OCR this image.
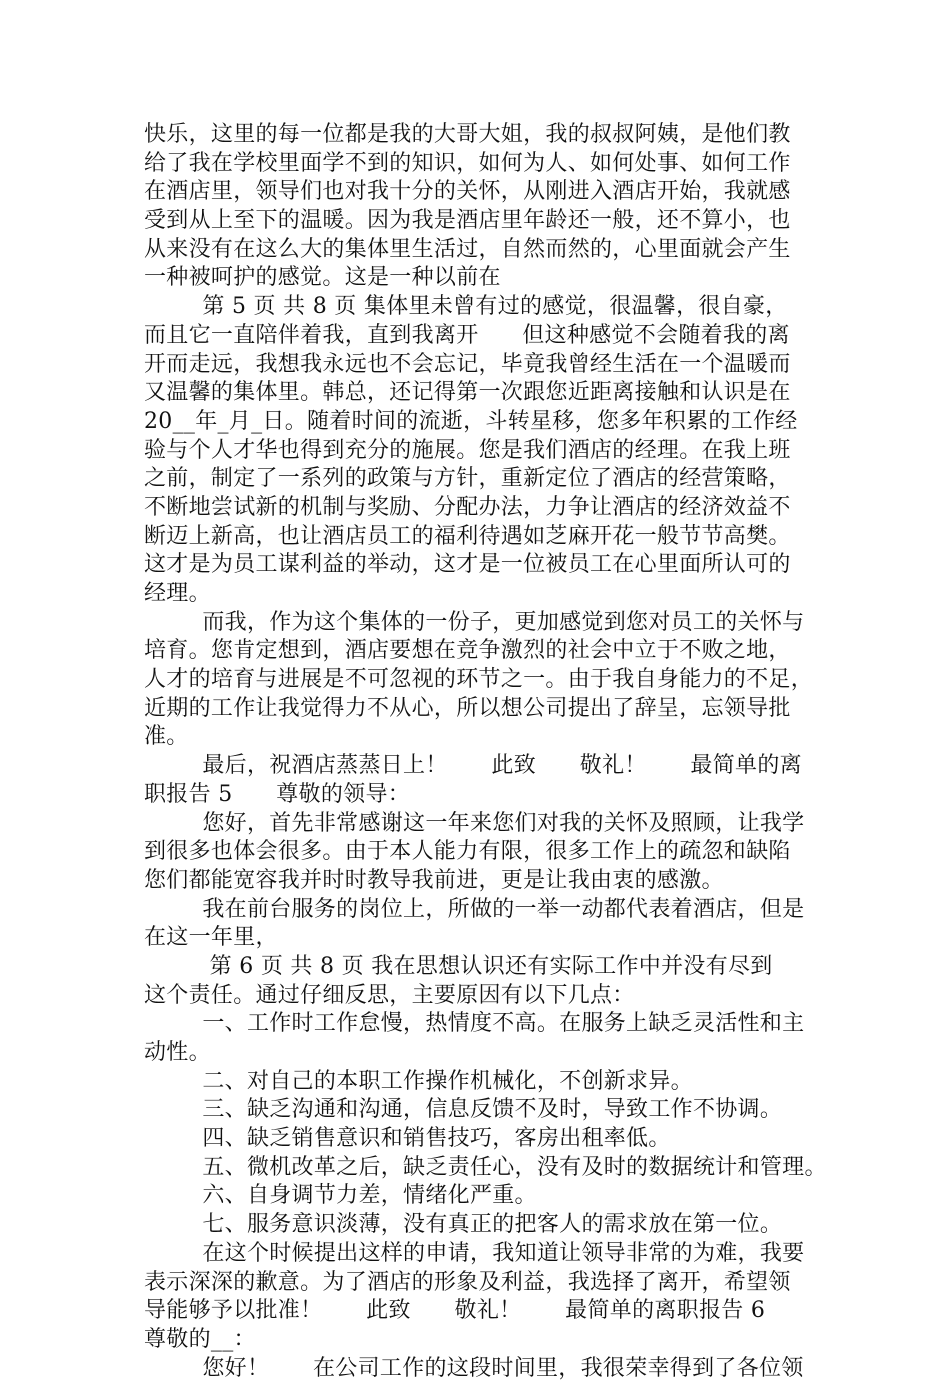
快乐，这里的每一位都是我的大哥大姐，我的叔叔阿姨，是他们教
给了我在学校里面学不到的知识，如何为人、如何处事、如何工作
在酒店里，领导们也对我十分的关怀，从刚进入酒店开始，我就感
受到从上至下的温暖。因为我是酒店里年龄还一般，还不算小，也
从来没有在这么大的集体里生活过，自然而然的，心里面就会产生
一种被呵护的感觉。这是一种以前在
第 5 页 共 8 页 集体里未曾有过的感觉，很温馨，很自豪，
而且它一直陪伴着我，直到我离开      但这种感觉不会随着我的离
开而走远，我想我永远也不会忘记，毕竟我曾经生活在一个温暖而
又温馨的集体里。韩总，还记得第一次跟您近距离接触和认识是在
20__年_月_日。随着时间的流逝，斗转星移，您多年积累的工作经
验与个人才华也得到充分的施展。您是我们酒店的经理。在我上班
之前，制定了一系列的政策与方针，重新定位了酒店的经营策略，
不断地尝试新的机制与奖励、分配办法，力争让酒店的经济效益不
断迈上新高，也让酒店员工的福利待遇如芝麻开花一般节节高樊。
这才是为员工谋利益的举动，这才是一位被员工在心里面所认可的
经理。
而我，作为这个集体的一份子，更加感觉到您对员工的关怀与
培育。您肯定想到，酒店要想在竞争激烈的社会中立于不败之地，
人才的培育与进展是不可忽视的环节之一。由于我自身能力的不足，
近期的工作让我觉得力不从心，所以想公司提出了辞呈，忘领导批
准。
最后，祝酒店蒸蒸日上！      此致      敬礼！      最简单的离
职报告 5      尊敬的领导：
您好，首先非常感谢这一年来您们对我的关怀及照顾，让我学
到很多也体会很多。由于本人能力有限，很多工作上的疏忽和缺陷
您们都能宽容我并时时教导我前进，更是让我由衷的感激。
我在前台服务的岗位上，所做的一举一动都代表着酒店，但是
在这一年里，
第 6 页 共 8 页 我在思想认识还有实际工作中并没有尽到
这个责任。通过仔细反思，主要原因有以下几点：
一、工作时工作怠慢，热情度不高。在服务上缺乏灵活性和主
动性。
二、对自己的本职工作操作机械化，不创新求异。
三、缺乏沟通和沟通，信息反馈不及时，导致工作不协调。
四、缺乏销售意识和销售技巧，客房出租率低。
五、微机改革之后，缺乏责任心，没有及时的数据统计和管理。
六、自身调节力差，情绪化严重。
七、服务意识淡薄，没有真正的把客人的需求放在第一位。
在这个时候提出这样的申请，我知道让领导非常的为难，我要
表示深深的歉意。为了酒店的形象及利益，我选择了离开，希望领
导能够予以批准！      此致      敬礼！      最简单的离职报告 6
尊敬的__：
您好！      在公司工作的这段时间里，我很荣幸得到了各位领
